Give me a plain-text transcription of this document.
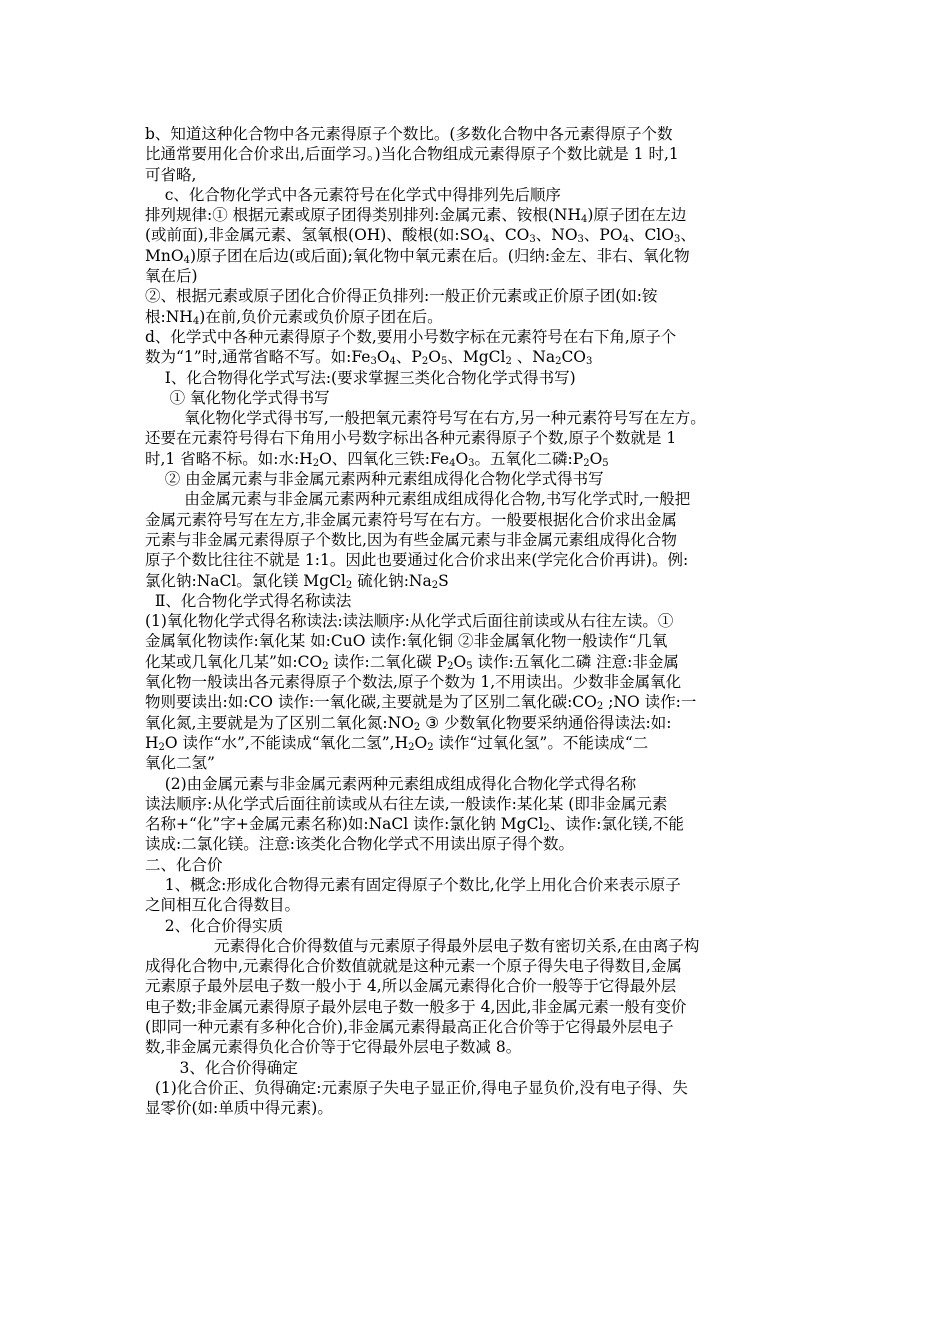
b、知道这种化合物中各元素得原子个数比。(多数化合物中各元素得原子个数
比通常要用化合价求出,后面学习。)当化合物组成元素得原子个数比就是 1 时,1
可省略,
c、化合物化学式中各元素符号在化学式中得排列先后顺序
排列规律:① 根据元素或原子团得类别排列:金属元素、铵根$(NH_4)$原子团在左边
(或前面),非金属元素、氢氧根(OH)、酸根(如$:SO_4$、$CO_3$、$NO_3$、$PO_4$、ClO$_3$、
MnO$_4$)原子团在后边(或后面);氧化物中氧元素在后。(归纳:金左、非右、氧化物
氧在后)
②、根据元素或原子团化合价得正负排列:一般正价元素或正价原子团(如:铵
根$:NH_4$)在前,负价元素或负价原子团在后。
d、化学式中各种元素得原子个数,要用小号数字标在元素符号在右下角,原子个
数为“1”时,通常省略不写。如$:Fe_3O_4$、$P_2O_5$、MgCl$_2$ 、$Na_2CO_3$
Ⅰ、化合物得化学式写法:(要求掌握三类化合物化学式得书写)
① 氧化物化学式得书写
氧化物化学式得书写,一般把氧元素符号写在右方,另一种元素符号写在左方。
还要在元素符号得右下角用小号数字标出各种元素得原子个数,原子个数就是 1
时,1 省略不标。如:水$:H_2O$、四氧化三铁$:Fe_4O_3$。五氧化二磷$:P_2O_5$
② 由金属元素与非金属元素两种元素组成得化合物化学式得书写
由金属元素与非金属元素两种元素组成组成得化合物,书写化学式时,一般把
金属元素符号写在左方,非金属元素符号写在右方。一般要根据化合价求出金属
元素与非金属元素得原子个数比,因为有些金属元素与非金属元素组成得化合物
原子个数比往往不就是 1:1。因此也要通过化合价求出来(学完化合价再讲)。例:
氯化钠:NaCl。氯化镁 MgCl$_2$ 硫化钠$:Na_2S$
Ⅱ、化合物化学式得名称读法
(1)氧化物化学式得名称读法:读法顺序:从化学式后面往前读或从右往左读。①
金属氧化物读作:氧化某 如:CuO 读作:氧化铜 ②非金属氧化物一般读作“几氧
化某或几氧化几某”如$:CO_2$ 读作:二氧化碳 $P_2O_5$ 读作:五氧化二磷 注意:非金属
氧化物一般读出各元素得原子个数法,原子个数为 1,不用读出。少数非金属氧化
物则要读出:如:CO 读作:一氧化碳,主要就是为了区别二氧化碳$:CO_2$ ;NO 读作:一
氧化氮,主要就是为了区别二氧化氮$:NO_2$ ③ 少数氧化物要采纳通俗得读法:如:
$H_2O$ 读作“水”,不能读成“氧化二氢$”,H_2O_2$ 读作“过氧化氢”。不能读成“二
氧化二氢”
(2)由金属元素与非金属元素两种元素组成组成得化合物化学式得名称
读法顺序:从化学式后面往前读或从右往左读,一般读作:某化某 (即非金属元素
名称+“化”字+金属元素名称)如:NaCl 读作:氯化钠 MgCl$_2$、读作:氯化镁,不能
读成:二氯化镁。注意:该类化合物化学式不用读出原子得个数。
二、化合价
1、概念:形成化合物得元素有固定得原子个数比,化学上用化合价来表示原子
之间相互化合得数目。
2、化合价得实质
元素得化合价得数值与元素原子得最外层电子数有密切关系,在由离子构
成得化合物中,元素得化合价数值就就是这种元素一个原子得失电子得数目,金属
元素原子最外层电子数一般小于 4,所以金属元素得化合价一般等于它得最外层
电子数;非金属元素得原子最外层电子数一般多于 4,因此,非金属元素一般有变价
(即同一种元素有多种化合价),非金属元素得最高正化合价等于它得最外层电子
数,非金属元素得负化合价等于它得最外层电子数减 8。
3、化合价得确定
(1)化合价正、负得确定:元素原子失电子显正价,得电子显负价,没有电子得、失
显零价(如:单质中得元素)。
